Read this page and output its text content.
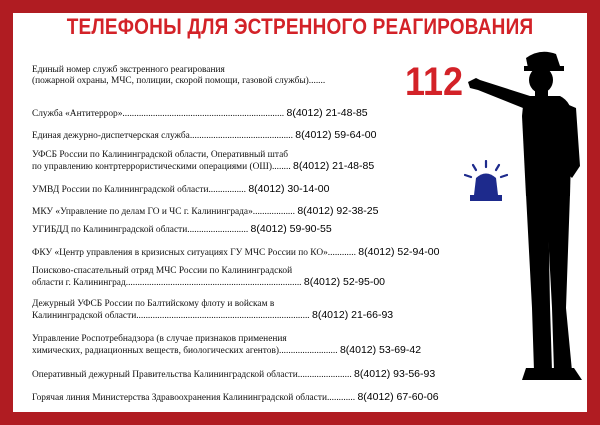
ТЕЛЕФОНЫ ДЛЯ ЭСТРЕННОГО РЕАГИРОВАНИЯ
Единый номер служб экстренного реагирования
(пожарной охраны, МЧС, полиции, скорой помощи, газовой службы)....... 112
Служба «Антитеррор»..................................................................... 8(4012) 21-48-85
Единая дежурно-диспетчерская служба............................................ 8(4012) 59-64-00
УФСБ России по Калининградской области, Оперативный штаб
по управлению контртеррористическими операциями (ОШ)........ 8(4012) 21-48-85
УМВД России по Калининградской области................ 8(4012) 30-14-00
МКУ «Управление по делам ГО и ЧС г. Калининграда».................. 8(4012) 92-38-25
УГИБДД по Калининградской области.......................... 8(4012) 59-90-55
ФКУ «Центр управления в кризисных ситуациях ГУ МЧС России по КО»............ 8(4012) 52-94-00
Поисково-спасательный отряд МЧС России по Калининградской
области г. Калининград........................................................................... 8(4012) 52-95-00
Дежурный УФСБ России по Балтийскому флоту и войскам в
Калининградской области.......................................................................... 8(4012) 21-66-93
Управление Роспотребнадзора (в случае признаков применения
химических, радиационных веществ, биологических агентов)......................... 8(4012) 53-69-42
Оперативный дежурный Правительства Калининградской области....................... 8(4012) 93-56-93
Горячая линия Министерства Здравоохранения Калининградской области............ 8(4012) 67-60-06
